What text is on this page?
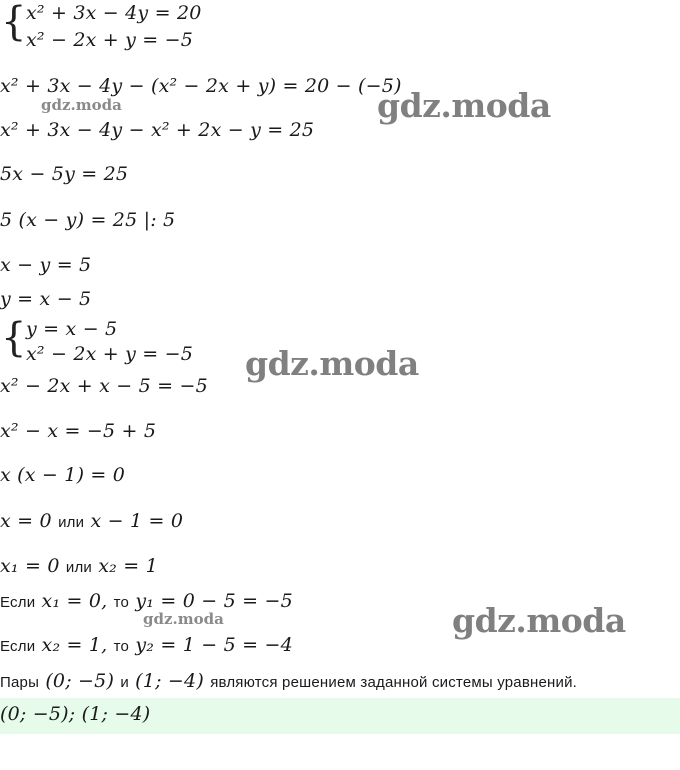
{ x² + 3x − 4y = 20
x² − 2x + y = −5
x² + 3x − 4y − (x² − 2x + y) = 20 − (−5)
gdz.moda	gdz.moda
x² + 3x − 4y − x² + 2x − y = 25
5x − 5y = 25
5 (x − y) = 25 |: 5
x − y = 5
y = x − 5
{ y = x − 5
x² − 2x + y = −5 gdz.moda
x² − 2x + x − 5 = −5
x² − x = −5 + 5
x (x − 1) = 0
x = 0 или x − 1 = 0
x₁ = 0 или x₂ = 1
Если x₁ = 0, то y₁ = 0 − 5 = −5
gdz.moda	gdz.moda
Если x₂ = 1, то y₂ = 1 − 5 = −4
Пары (0; −5) и (1; −4) являются решением заданной системы уравнений.
(0; −5); (1; −4)
